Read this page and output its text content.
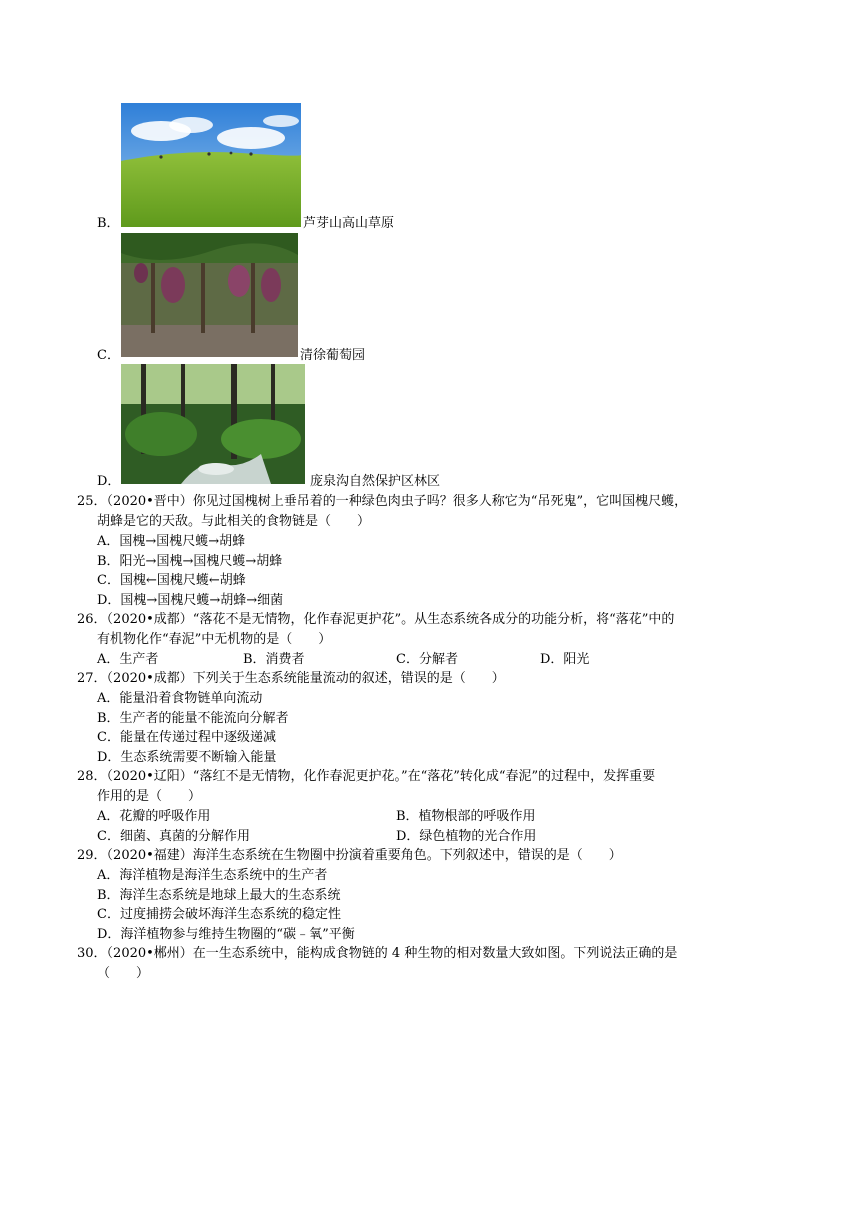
B．	芦芽山高山草原
C．	清徐葡萄园
D．	庞泉沟自然保护区林区
25．（2020•晋中）你见过国槐树上垂吊着的一种绿色肉虫子吗？很多人称它为“吊死鬼”，它叫国槐尺蠖，
胡蜂是它的天敌。与此相关的食物链是（　　）
A．国槐→国槐尺蠖→胡蜂
B．阳光→国槐→国槐尺蠖→胡蜂
C．国槐←国槐尺蠖←胡蜂
D．国槐→国槐尺蠖→胡蜂→细菌
26．（2020•成都）“落花不是无情物，化作春泥更护花”。从生态系统各成分的功能分析，将“落花”中的
有机物化作“春泥”中无机物的是（　　）
A．生产者	B．消费者	C．分解者	D．阳光
27．（2020•成都）下列关于生态系统能量流动的叙述，错误的是（　　）
A．能量沿着食物链单向流动
B．生产者的能量不能流向分解者
C．能量在传递过程中逐级递减
D．生态系统需要不断输入能量
28．（2020•辽阳）“落红不是无情物，化作春泥更护花。”在“落花”转化成“春泥”的过程中，发挥重要
作用的是（　　）
A．花瓣的呼吸作用	B．植物根部的呼吸作用
C．细菌、真菌的分解作用	D．绿色植物的光合作用
29．（2020•福建）海洋生态系统在生物圈中扮演着重要角色。下列叙述中，错误的是（　　）
A．海洋植物是海洋生态系统中的生产者
B．海洋生态系统是地球上最大的生态系统
C．过度捕捞会破坏海洋生态系统的稳定性
D．海洋植物参与维持生物圈的“碳﹣氧”平衡
30．（2020•郴州）在一生态系统中，能构成食物链的 4 种生物的相对数量大致如图。下列说法正确的是
（　　）
